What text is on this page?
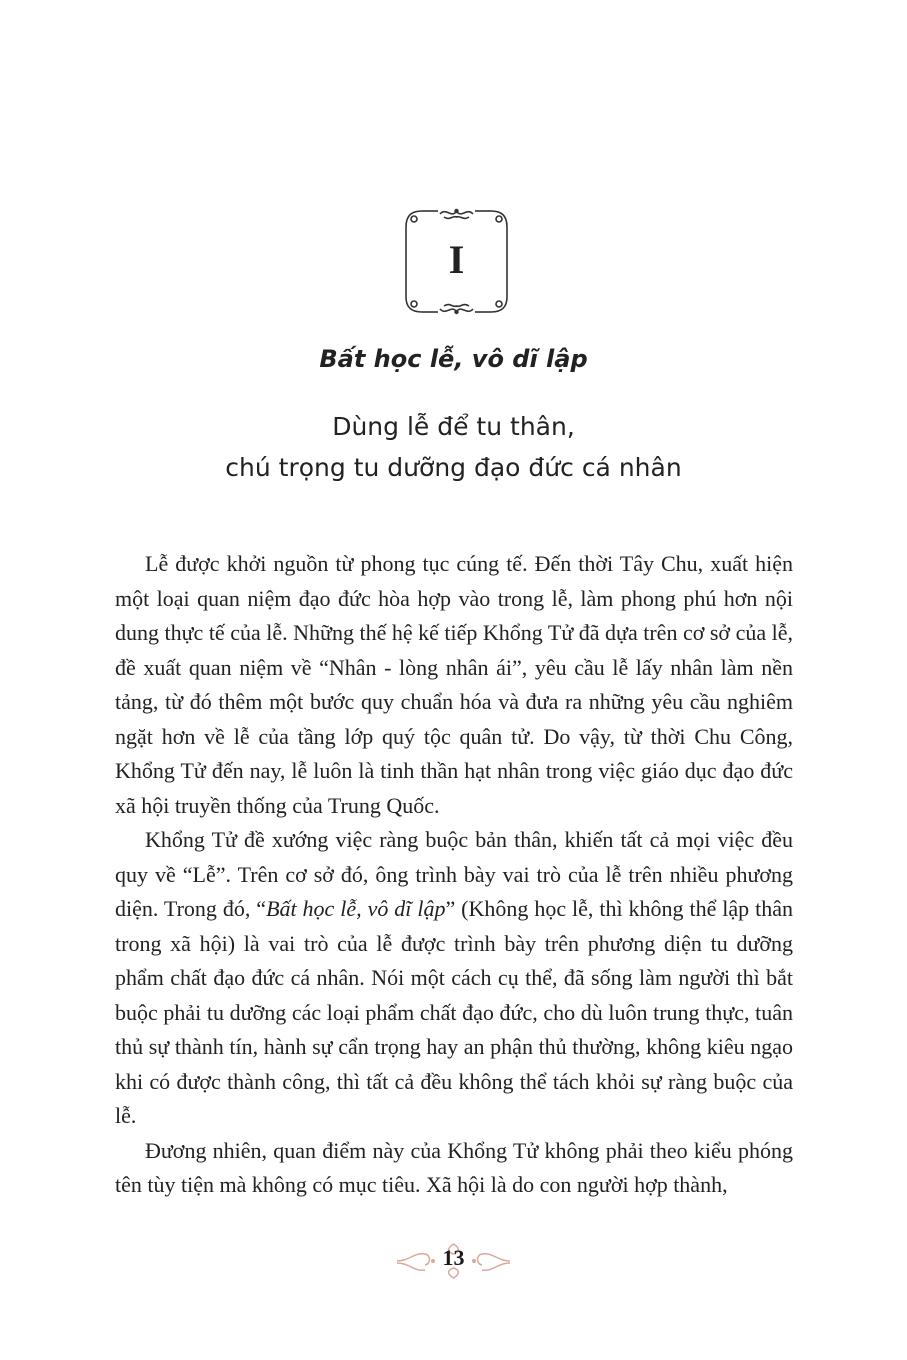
I
Bất học lễ, vô dĩ lập
Dùng lễ để tu thân,
chú trọng tu dưỡng đạo đức cá nhân

Lễ được khởi nguồn từ phong tục cúng tế. Đến thời Tây Chu, xuất hiện một loại quan niệm đạo đức hòa hợp vào trong lễ, làm phong phú hơn nội dung thực tế của lễ. Những thế hệ kế tiếp Khổng Tử đã dựa trên cơ sở của lễ, đề xuất quan niệm về “Nhân - lòng nhân ái”, yêu cầu lễ lấy nhân làm nền tảng, từ đó thêm một bước quy chuẩn hóa và đưa ra những yêu cầu nghiêm ngặt hơn về lễ của tầng lớp quý tộc quân tử. Do vậy, từ thời Chu Công, Khổng Tử đến nay, lễ luôn là tinh thần hạt nhân trong việc giáo dục đạo đức xã hội truyền thống của Trung Quốc.

Khổng Tử đề xướng việc ràng buộc bản thân, khiến tất cả mọi việc đều quy về “Lễ”. Trên cơ sở đó, ông trình bày vai trò của lễ trên nhiều phương diện. Trong đó, “Bất học lễ, vô dĩ lập” (Không học lễ, thì không thể lập thân trong xã hội) là vai trò của lễ được trình bày trên phương diện tu dưỡng phẩm chất đạo đức cá nhân. Nói một cách cụ thể, đã sống làm người thì bắt buộc phải tu dưỡng các loại phẩm chất đạo đức, cho dù luôn trung thực, tuân thủ sự thành tín, hành sự cẩn trọng hay an phận thủ thường, không kiêu ngạo khi có được thành công, thì tất cả đều không thể tách khỏi sự ràng buộc của lễ.

Đương nhiên, quan điểm này của Khổng Tử không phải theo kiểu phóng tên tùy tiện mà không có mục tiêu. Xã hội là do con người hợp thành,

13
